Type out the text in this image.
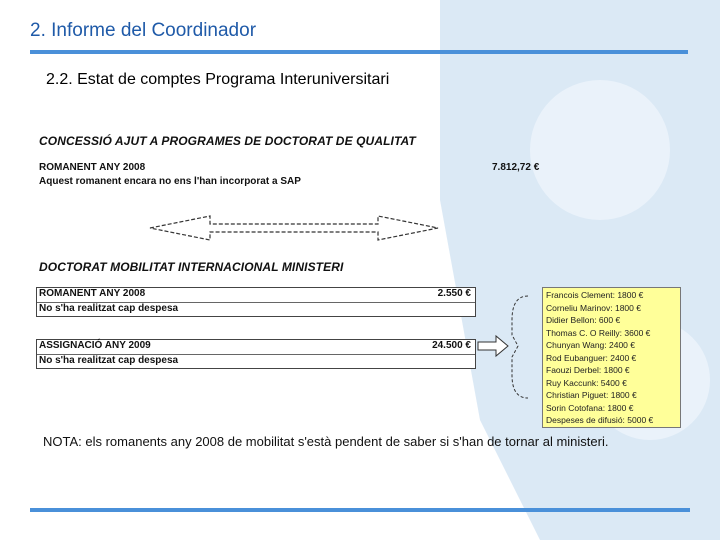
2. Informe del Coordinador
2.2. Estat de comptes Programa Interuniversitari
CONCESSIÓ AJUT A PROGRAMES DE DOCTORAT DE QUALITAT
ROMANENT ANY 2008
Aquest romanent encara no ens l'han incorporat a SAP
7.812,72 €
DOCTORAT MOBILITAT INTERNACIONAL MINISTERI
ROMANENT ANY 2008	2.550 €
No s'ha realitzat cap despesa
ASSIGNACIÓ ANY 2009	24.500 €
No s'ha realitzat cap despesa
Francois Clement: 1800 €
Corneliu Marinov: 1800 €
Didier Bellon: 600 €
Thomas C. O Reilly: 3600 €
Chunyan Wang: 2400 €
Rod Eubanguer: 2400 €
Faouzi Derbel: 1800 €
Ruy Kaccunk: 5400 €
Christian Piguet: 1800 €
Sorin Cotofana: 1800 €
Despeses de difusió: 5000 €
NOTA: els romanents any 2008 de mobilitat s'està pendent de saber si s'han de tornar al ministeri.
